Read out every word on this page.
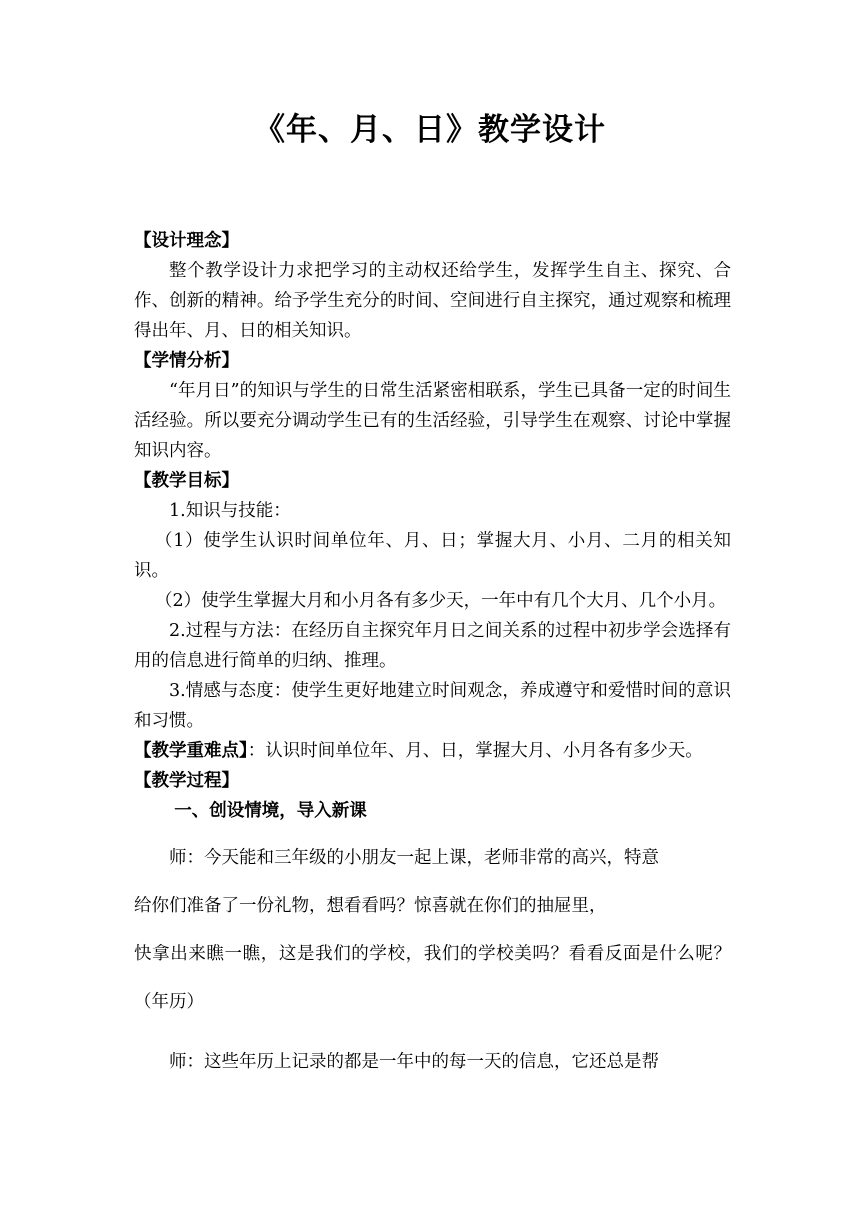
《年、月、日》教学设计
【设计理念】

整个教学设计力求把学习的主动权还给学生，发挥学生自主、探究、合作、创新的精神。给予学生充分的时间、空间进行自主探究，通过观察和梳理得出年、月、日的相关知识。

【学情分析】

“年月日”的知识与学生的日常生活紧密相联系，学生已具备一定的时间生活经验。所以要充分调动学生已有的生活经验，引导学生在观察、讨论中掌握知识内容。

【教学目标】

1.知识与技能：

（1）使学生认识时间单位年、月、日；掌握大月、小月、二月的相关知识。

（2）使学生掌握大月和小月各有多少天，一年中有几个大月、几个小月。

2.过程与方法：在经历自主探究年月日之间关系的过程中初步学会选择有用的信息进行简单的归纳、推理。

3.情感与态度：使学生更好地建立时间观念，养成遵守和爱惜时间的意识和习惯。

【教学重难点】：认识时间单位年、月、日，掌握大月、小月各有多少天。

【教学过程】
一、创设情境，导入新课

师：今天能和三年级的小朋友一起上课，老师非常的高兴，特意

给你们准备了一份礼物，想看看吗？惊喜就在你们的抽屉里，

快拿出来瞧一瞧，这是我们的学校，我们的学校美吗？看看反面是什么呢？（年历）

师：这些年历上记录的都是一年中的每一天的信息，它还总是帮
